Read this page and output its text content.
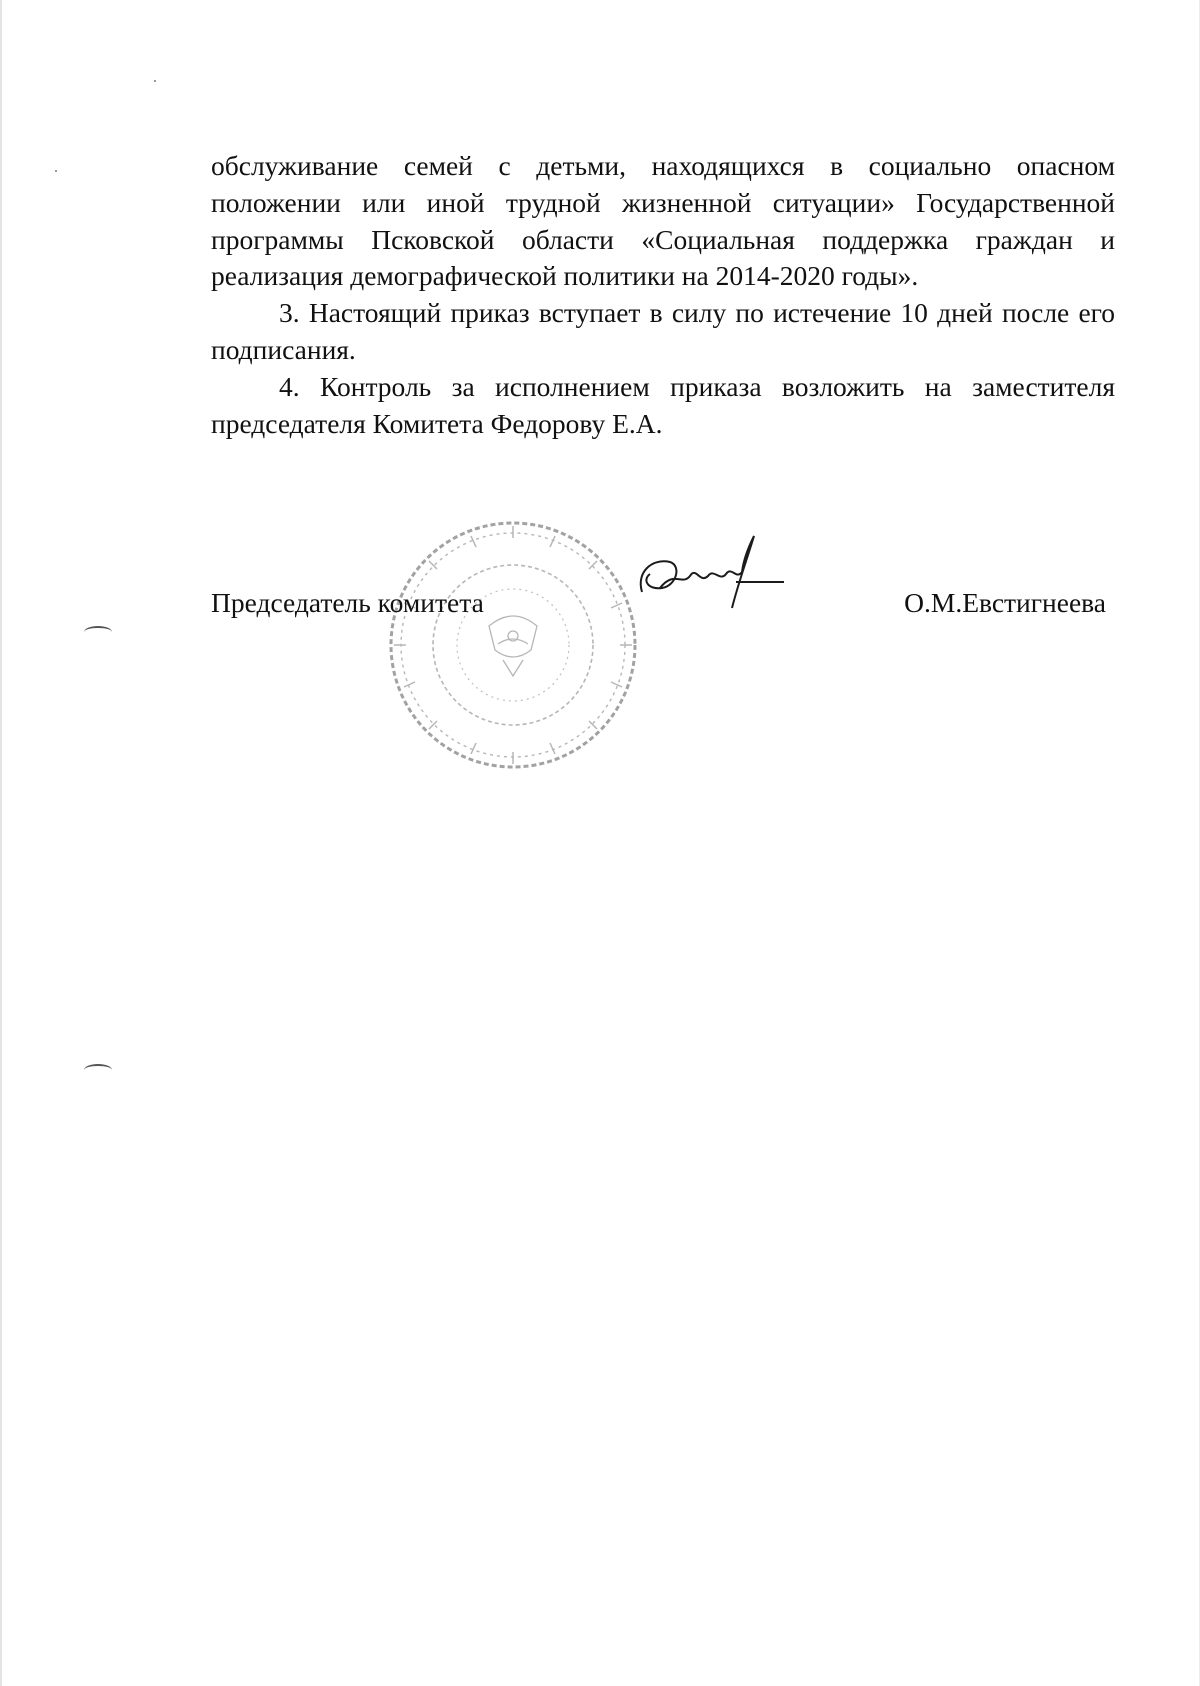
обслуживание семей с детьми, находящихся в социально опасном положении или иной трудной жизненной ситуации» Государственной программы Псковской области «Социальная поддержка граждан и реализация демографической политики на 2014-2020 годы».

3. Настоящий приказ вступает в силу по истечение 10 дней после его подписания.

4. Контроль за исполнением приказа возложить на заместителя председателя Комитета Федорову Е.А.

Председатель комитета	О.М.Евстигнеева
